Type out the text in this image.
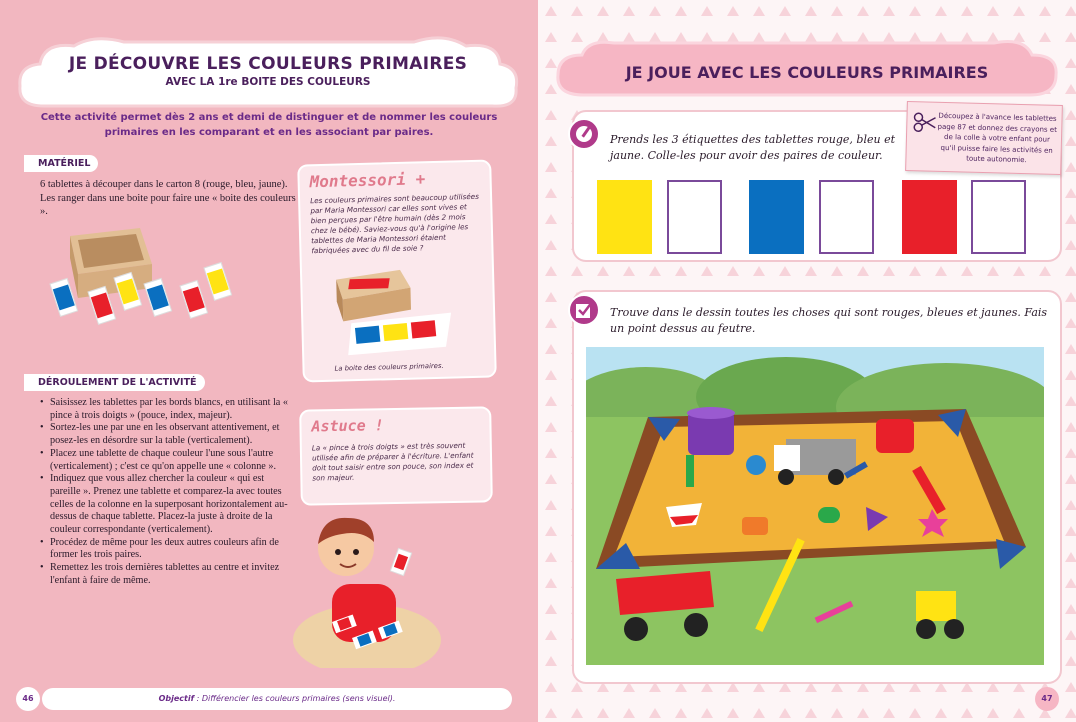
JE DÉCOUVRE LES COULEURS PRIMAIRES
AVEC LA 1re BOITE DES COULEURS
Cette activité permet dès 2 ans et demi de distinguer et de nommer les couleurs primaires en les comparant et en les associant par paires.
MATÉRIEL
6 tablettes à découper dans le carton 8 (rouge, bleu, jaune). Les ranger dans une boite pour faire une « boite des couleurs ».
Montessori +
Les couleurs primaires sont beaucoup utilisées par Maria Montessori car elles sont vives et bien perçues par l'être humain (dès 2 mois chez le bébé). Saviez-vous qu'à l'origine les tablettes de Maria Montessori étaient fabriquées avec du fil de soie ?
La boite des couleurs primaires.
DÉROULEMENT DE L'ACTIVITÉ
• Saisissez les tablettes par les bords blancs, en utilisant la « pince à trois doigts » (pouce, index, majeur).
• Sortez-les une par une en les observant attentivement, et posez-les en désordre sur la table (verticalement).
• Placez une tablette de chaque couleur l'une sous l'autre (verticalement) ; c'est ce qu'on appelle une « colonne ».
• Indiquez que vous allez chercher la couleur « qui est pareille ». Prenez une tablette et comparez-la avec toutes celles de la colonne en la superposant horizontalement au-dessus de chaque tablette. Placez-la juste à droite de la couleur correspondante (verticalement).
• Procédez de même pour les deux autres couleurs afin de former les trois paires.
• Remettez les trois dernières tablettes au centre et invitez l'enfant à faire de même.
Astuce !
La « pince à trois doigts » est très souvent utilisée afin de préparer à l'écriture. L'enfant doit tout saisir entre son pouce, son index et son majeur.
46	Objectif : Différencier les couleurs primaires (sens visuel).
JE JOUE AVEC LES COULEURS PRIMAIRES
Prends les 3 étiquettes des tablettes rouge, bleu et jaune. Colle-les pour avoir des paires de couleur.
Découpez à l'avance les tablettes page 87 et donnez des crayons et de la colle à votre enfant pour qu'il puisse faire les activités en toute autonomie.
Trouve dans le dessin toutes les choses qui sont rouges, bleues et jaunes. Fais un point dessus au feutre.
47
